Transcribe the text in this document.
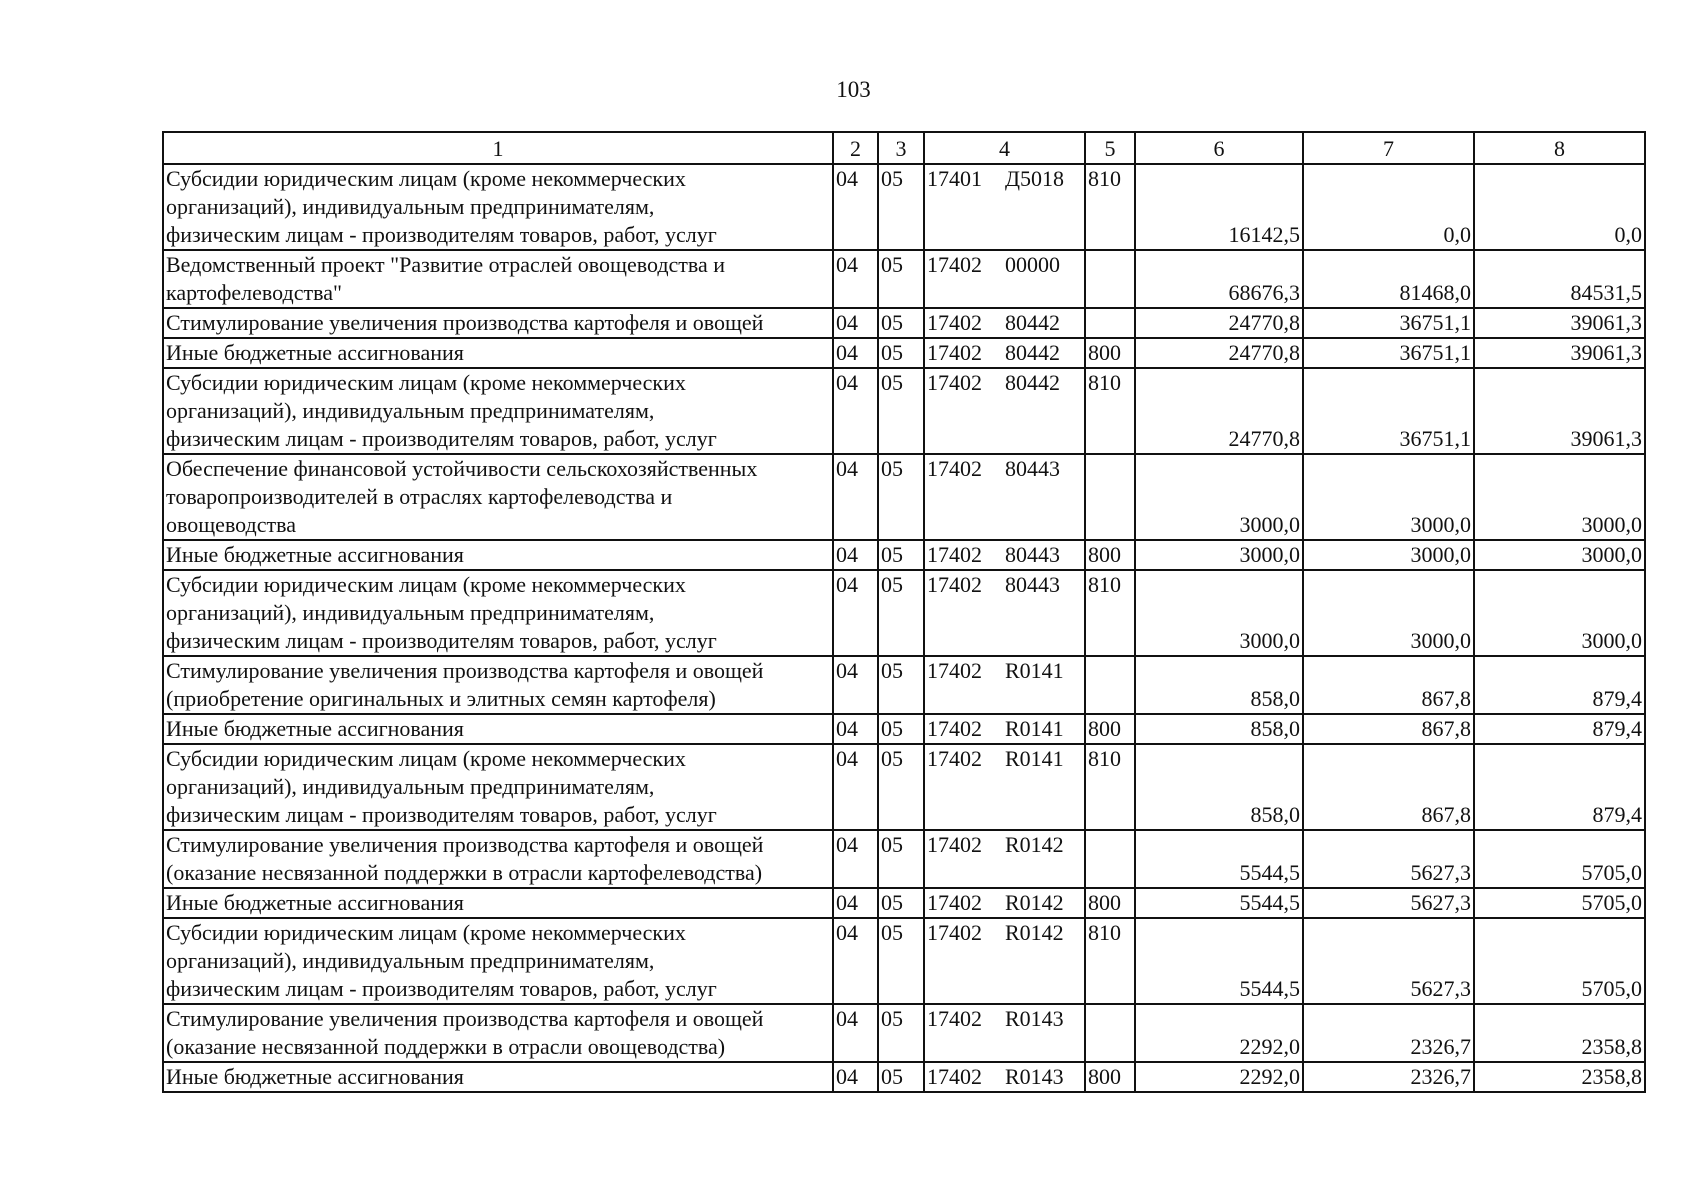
103
1	2	3	4	5	6	7	8
Субсидии юридическим лицам (кроме некоммерческих
организаций), индивидуальным предпринимателям,
физическим лицам - производителям товаров, работ, услуг	04	05	17401 Д5018	810	16142,5	0,0	0,0
Ведомственный проект "Развитие отраслей овощеводства и
картофелеводства"	04	05	17402 00000		68676,3	81468,0	84531,5
Стимулирование увеличения производства картофеля и овощей	04	05	17402 80442		24770,8	36751,1	39061,3
Иные бюджетные ассигнования	04	05	17402 80442	800	24770,8	36751,1	39061,3
Субсидии юридическим лицам (кроме некоммерческих
организаций), индивидуальным предпринимателям,
физическим лицам - производителям товаров, работ, услуг	04	05	17402 80442	810	24770,8	36751,1	39061,3
Обеспечение финансовой устойчивости сельскохозяйственных
товаропроизводителей в отраслях картофелеводства и
овощеводства	04	05	17402 80443		3000,0	3000,0	3000,0
Иные бюджетные ассигнования	04	05	17402 80443	800	3000,0	3000,0	3000,0
Субсидии юридическим лицам (кроме некоммерческих
организаций), индивидуальным предпринимателям,
физическим лицам - производителям товаров, работ, услуг	04	05	17402 80443	810	3000,0	3000,0	3000,0
Стимулирование увеличения производства картофеля и овощей
(приобретение оригинальных и элитных семян картофеля)	04	05	17402 R0141		858,0	867,8	879,4
Иные бюджетные ассигнования	04	05	17402 R0141	800	858,0	867,8	879,4
Субсидии юридическим лицам (кроме некоммерческих
организаций), индивидуальным предпринимателям,
физическим лицам - производителям товаров, работ, услуг	04	05	17402 R0141	810	858,0	867,8	879,4
Стимулирование увеличения производства картофеля и овощей
(оказание несвязанной поддержки в отрасли картофелеводства)	04	05	17402 R0142		5544,5	5627,3	5705,0
Иные бюджетные ассигнования	04	05	17402 R0142	800	5544,5	5627,3	5705,0
Субсидии юридическим лицам (кроме некоммерческих
организаций), индивидуальным предпринимателям,
физическим лицам - производителям товаров, работ, услуг	04	05	17402 R0142	810	5544,5	5627,3	5705,0
Стимулирование увеличения производства картофеля и овощей
(оказание несвязанной поддержки в отрасли овощеводства)	04	05	17402 R0143		2292,0	2326,7	2358,8
Иные бюджетные ассигнования	04	05	17402 R0143	800	2292,0	2326,7	2358,8
